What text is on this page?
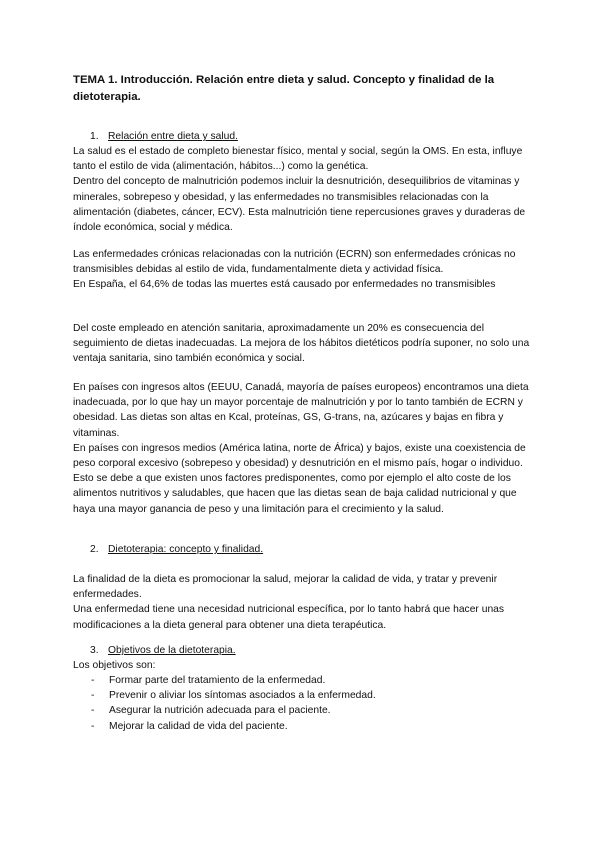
TEMA 1. Introducción. Relación entre dieta y salud. Concepto y finalidad de la dietoterapia.
1. Relación entre dieta y salud.

La salud es el estado de completo bienestar físico, mental y social, según la OMS. En esta, influye tanto el estilo de vida (alimentación, hábitos...) como la genética.

Dentro del concepto de malnutrición podemos incluir la desnutrición, desequilibrios de vitaminas y minerales, sobrepeso y obesidad, y las enfermedades no transmisibles relacionadas con la alimentación (diabetes, cáncer, ECV). Esta malnutrición tiene repercusiones graves y duraderas de índole económica, social y médica.

Las enfermedades crónicas relacionadas con la nutrición (ECRN) son enfermedades crónicas no transmisibles debidas al estilo de vida, fundamentalmente dieta y actividad física.

En España, el 64,6% de todas las muertes está causado por enfermedades no transmisibles

Del coste empleado en atención sanitaria, aproximadamente un 20% es consecuencia del seguimiento de dietas inadecuadas. La mejora de los hábitos dietéticos podría suponer, no solo una ventaja sanitaria, sino también económica y social.

En países con ingresos altos (EEUU, Canadá, mayoría de países europeos) encontramos una dieta inadecuada, por lo que hay un mayor porcentaje de malnutrición y por lo tanto también de ECRN y obesidad. Las dietas son altas en Kcal, proteínas, GS, G-trans, na, azúcares y bajas en fibra y vitaminas.

En países con ingresos medios (América latina, norte de África) y bajos, existe una coexistencia de peso corporal excesivo (sobrepeso y obesidad) y desnutrición en el mismo país, hogar o individuo. Esto se debe a que existen unos factores predisponentes, como por ejemplo el alto coste de los alimentos nutritivos y saludables, que hacen que las dietas sean de baja calidad nutricional y que haya una mayor ganancia de peso y una limitación para el crecimiento y la salud.

2. Dietoterapia: concepto y finalidad.

La finalidad de la dieta es promocionar la salud, mejorar la calidad de vida, y tratar y prevenir enfermedades.

Una enfermedad tiene una necesidad nutricional específica, por lo tanto habrá que hacer unas modificaciones a la dieta general para obtener una dieta terapéutica.

3. Objetivos de la dietoterapia.

Los objetivos son:

- Formar parte del tratamiento de la enfermedad.
- Prevenir o aliviar los síntomas asociados a la enfermedad.
- Asegurar la nutrición adecuada para el paciente.
- Mejorar la calidad de vida del paciente.
